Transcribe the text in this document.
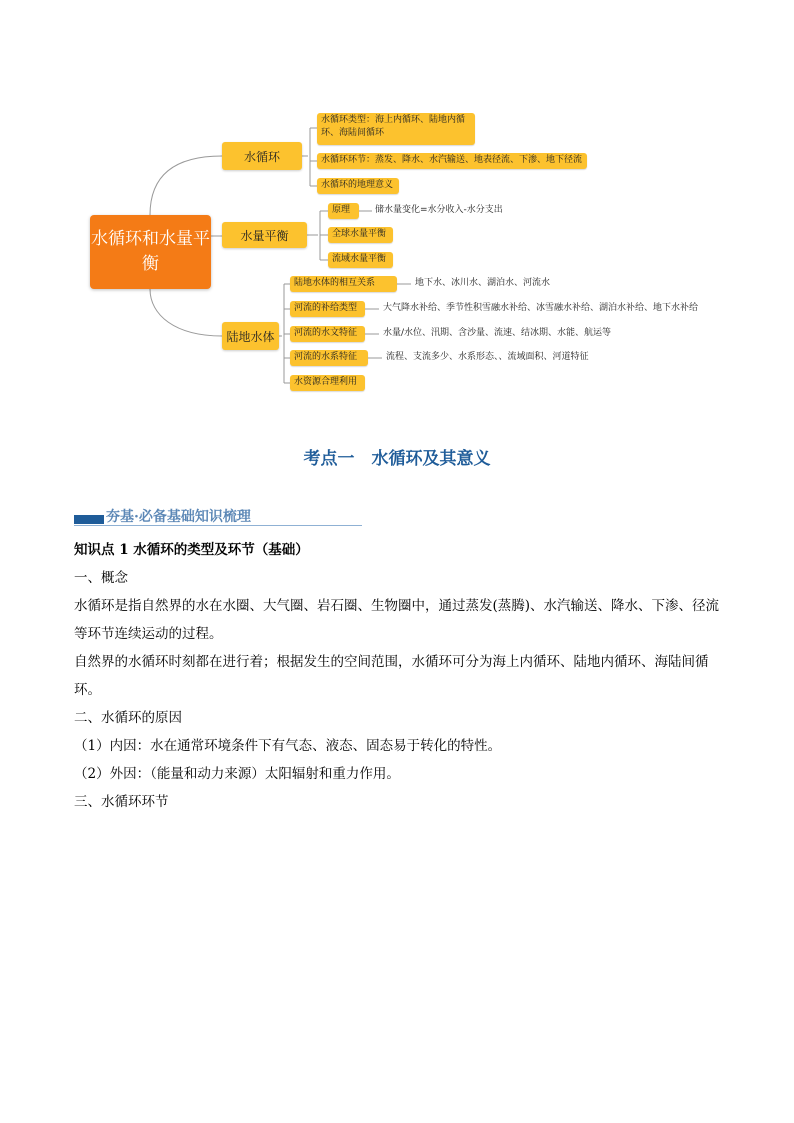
水循环和水量平衡
水循环
水量平衡
陆地水体
水循环类型：海上内循环、陆地内循环、海陆间循环
水循环环节：蒸发、降水、水汽输送、地表径流、下渗、地下径流
水循环的地理意义
原理	储水量变化=水分收入-水分支出
全球水量平衡
流域水量平衡
陆地水体的相互关系	地下水、冰川水、湖泊水、河流水
河流的补给类型	大气降水补给、季节性积雪融水补给、冰雪融水补给、湖泊水补给、地下水补给
河流的水文特征	水量/水位、汛期、含沙量、流速、结冰期、水能、航运等
河流的水系特征	流程、支流多少、水系形态、、流域面积、河道特征
水资源合理利用
考点一　水循环及其意义
夯基·必备基础知识梳理

知识点 1 水循环的类型及环节（基础）

一、概念

水循环是指自然界的水在水圈、大气圈、岩石圈、生物圈中，通过蒸发(蒸腾)、水汽输送、降水、下渗、径流等环节连续运动的过程。

自然界的水循环时刻都在进行着；根据发生的空间范围，水循环可分为海上内循环、陆地内循环、海陆间循环。

二、水循环的原因

（1）内因：水在通常环境条件下有气态、液态、固态易于转化的特性。

（2）外因：（能量和动力来源）太阳辐射和重力作用。

三、水循环环节
